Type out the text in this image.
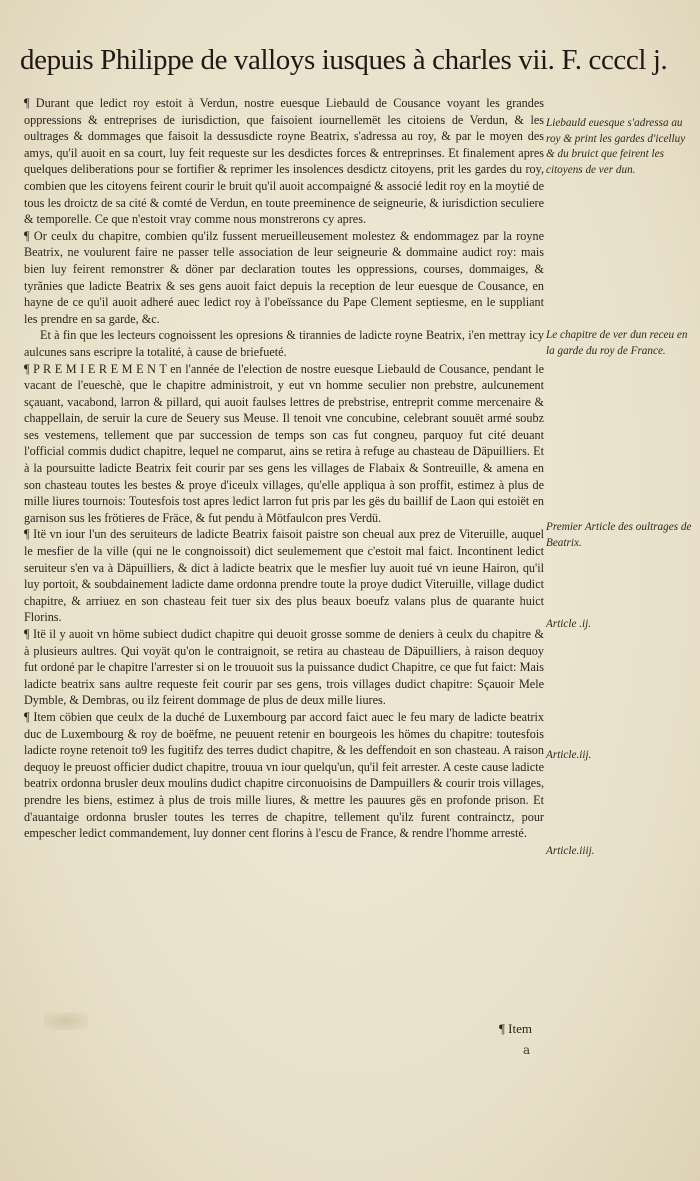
depuis Philippe de valloys iusques à charles vii. F. ccccl j.

¶ Durant que ledict roy estoit à Verdun, nostre euesque Liebauld de Cousance voyant les grandes oppressions & entreprises de iurisdiction, que faisoient iournellemët les citoiens de Verdun, & les oultrages & dommages que faisoit la dessusdicte royne Beatrix, s'adressa au roy, & par le moyen des amys, qu'il auoit en sa court, luy feit requeste sur les desdictes forces & entreprinses. Et finalement apres quelques deliberations pour se fortifier & reprimer les insolences desdictz citoyens, prit les gardes du roy, combien que les citoyens feirent courir le bruit qu'il auoit accompaigné & associé ledit roy en la moytié de tous les droictz de sa cité & comté de Verdun, en toute preeminence de seigneurie, & iurisdiction seculiere & temporelle. Ce que n'estoit vray comme nous monstrerons cy apres.

¶ Or ceulx du chapitre, combien qu'ilz fussent merueilleusement molestez & endommagez par la royne Beatrix, ne voulurent faire ne passer telle association de leur seigneurie & dommaine audict roy: mais bien luy feirent remonstrer & döner par declaration toutes les oppressions, courses, dommaiges, & tyrãnies que ladicte Beatrix & ses gens auoit faict depuis la reception de leur euesque de Cousance, en hayne de ce qu'il auoit adheré auec ledict roy à l'obeïssance du Pape Clement septiesme, en le suppliant les prendre en sa garde, &c.

Et à fin que les lecteurs cognoissent les opresions & tirannies de ladicte royne Beatrix, i'en mettray icy aulcunes sans escripre la totalité, à cause de briefueté.

¶ P R E M I E R E M E N T en l'année de l'election de nostre euesque Liebauld de Cousance, pendant le vacant de l'eueschè, que le chapitre administroit, y eut vn homme seculier non prebstre, aulcunement sçauant, vacabond, larron & pillard, qui auoit faulses lettres de prebstrise, entreprit comme mercenaire & chappellain, de seruir la cure de Seuery sus Meuse. Il tenoit vne concubine, celebrant souuët armé soubz ses vestemens, tellement que par succession de temps son cas fut congneu, parquoy fut cité deuant l'official commis dudict chapitre, lequel ne comparut, ains se retira à refuge au chasteau de Däpuilliers. Et à la poursuitte ladicte Beatrix feit courir par ses gens les villages de Flabaix & Sontreuille, & amena en son chasteau toutes les bestes & proye d'iceulx villages, qu'elle appliqua à son proffit, estimez à plus de mille liures tournois: Toutesfois tost apres ledict larron fut pris par les gës du baillif de Laon qui estoiët en garnison sus les frötieres de Fräce, & fut pendu à Mötfaulcon pres Verdü.

¶ Itë vn iour l'un des seruiteurs de ladicte Beatrix faisoit paistre son cheual aux prez de Viteruille, auquel le mesfier de la ville (qui ne le congnoissoit) dict seulemement que c'estoit mal faict. Incontinent ledict seruiteur s'en va à Däpuilliers, & dict à ladicte beatrix que le mesfier luy auoit tué vn ieune Hairon, qu'il luy portoit, & soubdainement ladicte dame ordonna prendre toute la proye dudict Viteruille, village dudict chapitre, & arriuez en son chasteau feit tuer six des plus beaux boeufz valans plus de quarante huict Florins.

¶ Itë il y auoit vn höme subiect dudict chapitre qui deuoit grosse somme de deniers à ceulx du chapitre & à plusieurs aultres. Qui voyät qu'on le contraignoit, se retira au chasteau de Däpuilliers, à raison dequoy fut ordoné par le chapitre l'arrester si on le trouuoit sus la puissance dudict Chapitre, ce que fut faict: Mais ladicte beatrix sans aultre requeste feit courir par ses gens, trois villages dudict chapitre: Sçauoir Mele Dymble, & Dembras, ou ilz feirent dommage de plus de deux mille liures.

¶ Item cöbien que ceulx de la duché de Luxembourg par accord faict auec le feu mary de ladicte beatrix duc de Luxembourg & roy de boëfme, ne peuuent retenir en bourgeois les hömes du chapitre: toutesfois ladicte royne retenoit to9 les fugitifz des terres dudict chapitre, & les deffendoit en son chasteau. A raison dequoy le preuost officier dudict chapitre, trouua vn iour quelqu'un, qu'il feit arrester. A ceste cause ladicte beatrix ordonna brusler deux moulins dudict chapitre circonuoisins de Dampuillers & courir trois villages, prendre les biens, estimez à plus de trois mille liures, & mettre les pauures gës en profonde prison. Et d'auantaige ordonna brusler toutes les terres de chapitre, tellement qu'ilz furent contrainctz, pour empescher ledict commandement, luy donner cent florins à l'escu de France, & rendre l'homme arresté.

¶ Item
Liebauld euesque s'adressa au roy & print les gardes d'icelluy & du bruict que feirent les citoyens de ver dun.
Le chapitre de ver dun receu en la garde du roy de France.
Premier Article des oultrages de Beatrix.
Article .ij.
Article.iij.
Article.iiij.
a
